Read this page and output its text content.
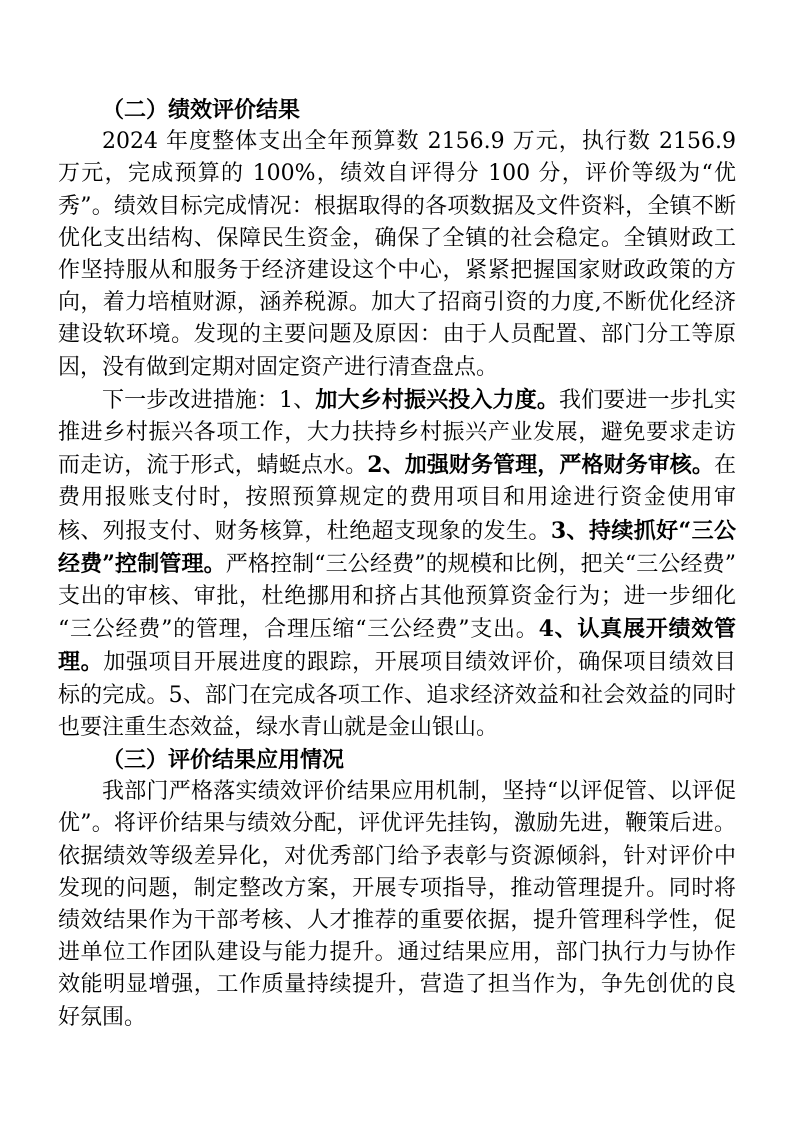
（二）绩效评价结果

2024 年度整体支出全年预算数 2156.9 万元，执行数 2156.9 万元，完成预算的 100%，绩效自评得分 100 分，评价等级为“优秀”。绩效目标完成情况：根据取得的各项数据及文件资料，全镇不断优化支出结构、保障民生资金，确保了全镇的社会稳定。全镇财政工作坚持服从和服务于经济建设这个中心，紧紧把握国家财政政策的方向，着力培植财源，涵养税源。加大了招商引资的力度,不断优化经济建设软环境。发现的主要问题及原因：由于人员配置、部门分工等原因，没有做到定期对固定资产进行清查盘点。

下一步改进措施：1、加大乡村振兴投入力度。我们要进一步扎实推进乡村振兴各项工作，大力扶持乡村振兴产业发展，避免要求走访而走访，流于形式，蜻蜓点水。2、加强财务管理，严格财务审核。在费用报账支付时，按照预算规定的费用项目和用途进行资金使用审核、列报支付、财务核算，杜绝超支现象的发生。3、持续抓好“三公经费”控制管理。严格控制“三公经费”的规模和比例，把关“三公经费”支出的审核、审批，杜绝挪用和挤占其他预算资金行为；进一步细化“三公经费”的管理，合理压缩“三公经费”支出。4、认真展开绩效管理。加强项目开展进度的跟踪，开展项目绩效评价，确保项目绩效目标的完成。5、部门在完成各项工作、追求经济效益和社会效益的同时也要注重生态效益，绿水青山就是金山银山。

（三）评价结果应用情况

我部门严格落实绩效评价结果应用机制，坚持“以评促管、以评促优”。将评价结果与绩效分配，评优评先挂钩，激励先进，鞭策后进。依据绩效等级差异化，对优秀部门给予表彰与资源倾斜，针对评价中发现的问题，制定整改方案，开展专项指导，推动管理提升。同时将绩效结果作为干部考核、人才推荐的重要依据，提升管理科学性，促进单位工作团队建设与能力提升。通过结果应用，部门执行力与协作效能明显增强，工作质量持续提升，营造了担当作为，争先创优的良好氛围。
